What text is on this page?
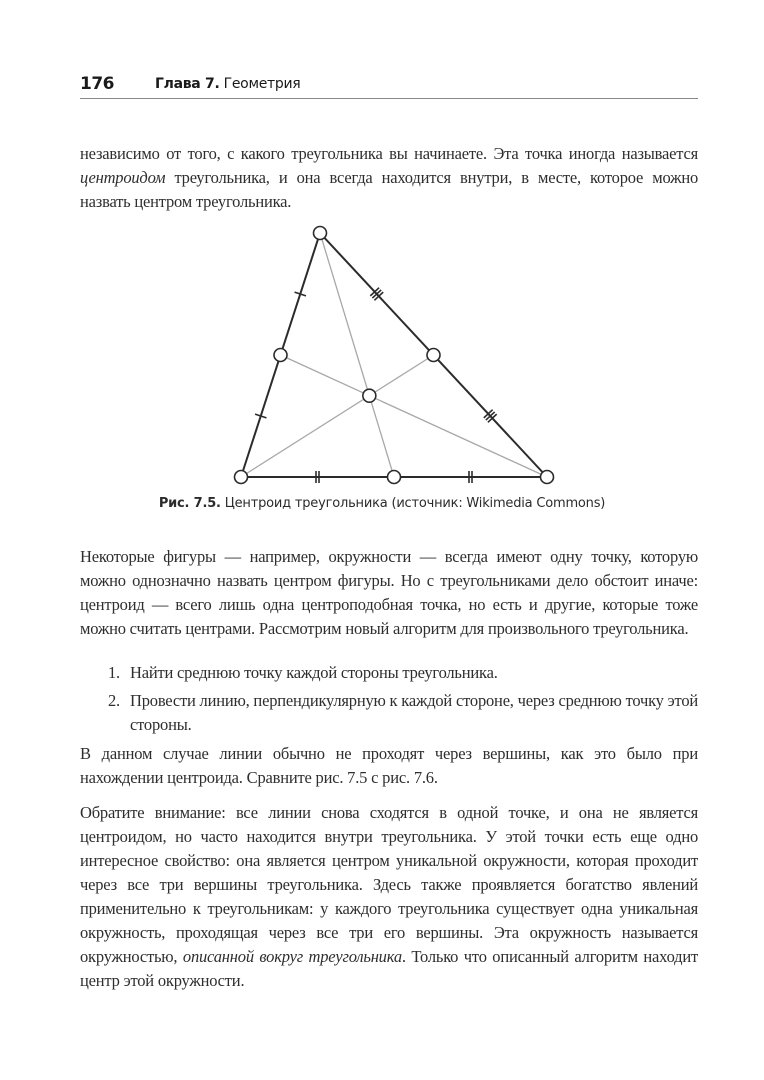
176	Глава 7. Геометрия

независимо от того, с какого треугольника вы начинаете. Эта точка иногда называется центроидом треугольника, и она всегда находится внутри, в месте, которое можно назвать центром треугольника.

Рис. 7.5. Центроид треугольника (источник: Wikimedia Commons)

Некоторые фигуры — например, окружности — всегда имеют одну точку, которую можно однозначно назвать центром фигуры. Но с треугольниками дело обстоит иначе: центроид — всего лишь одна центроподобная точка, но есть и другие, которые тоже можно считать центрами. Рассмотрим новый алгоритм для произвольного треугольника.

1. Найти среднюю точку каждой стороны треугольника.
2. Провести линию, перпендикулярную к каждой стороне, через среднюю точку этой стороны.

В данном случае линии обычно не проходят через вершины, как это было при нахождении центроида. Сравните рис. 7.5 с рис. 7.6.

Обратите внимание: все линии снова сходятся в одной точке, и она не является центроидом, но часто находится внутри треугольника. У этой точки есть еще одно интересное свойство: она является центром уникальной окружности, которая проходит через все три вершины треугольника. Здесь также проявляется богатство явлений применительно к треугольникам: у каждого треугольника существует одна уникальная окружность, проходящая через все три его вершины. Эта окружность называется окружностью, описанной вокруг треугольника. Только что описанный алгоритм находит центр этой окружности.
